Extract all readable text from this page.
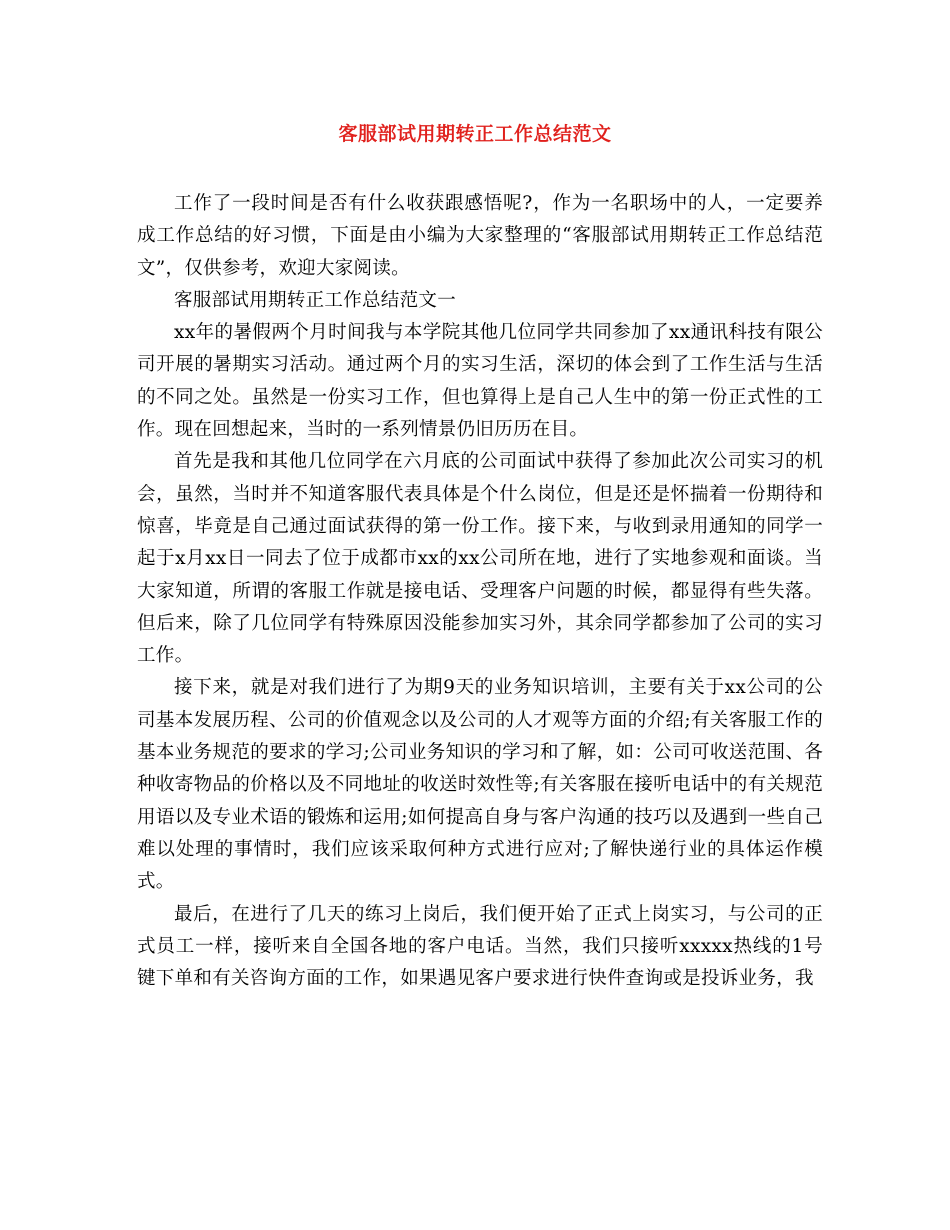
客服部试用期转正工作总结范文

工作了一段时间是否有什么收获跟感悟呢?，作为一名职场中的人，一定要养成工作总结的好习惯，下面是由小编为大家整理的“客服部试用期转正工作总结范文”，仅供参考，欢迎大家阅读。

客服部试用期转正工作总结范文一

xx年的暑假两个月时间我与本学院其他几位同学共同参加了xx通讯科技有限公司开展的暑期实习活动。通过两个月的实习生活，深切的体会到了工作生活与生活的不同之处。虽然是一份实习工作，但也算得上是自己人生中的第一份正式性的工作。现在回想起来，当时的一系列情景仍旧历历在目。

首先是我和其他几位同学在六月底的公司面试中获得了参加此次公司实习的机会，虽然，当时并不知道客服代表具体是个什么岗位，但是还是怀揣着一份期待和惊喜，毕竟是自己通过面试获得的第一份工作。接下来，与收到录用通知的同学一起于x月xx日一同去了位于成都市xx的xx公司所在地，进行了实地参观和面谈。当大家知道，所谓的客服工作就是接电话、受理客户问题的时候，都显得有些失落。但后来，除了几位同学有特殊原因没能参加实习外，其余同学都参加了公司的实习工作。

接下来，就是对我们进行了为期9天的业务知识培训，主要有关于xx公司的公司基本发展历程、公司的价值观念以及公司的人才观等方面的介绍;有关客服工作的基本业务规范的要求的学习;公司业务知识的学习和了解，如：公司可收送范围、各种收寄物品的价格以及不同地址的收送时效性等;有关客服在接听电话中的有关规范用语以及专业术语的锻炼和运用;如何提高自身与客户沟通的技巧以及遇到一些自己难以处理的事情时，我们应该采取何种方式进行应对;了解快递行业的具体运作模式。

最后，在进行了几天的练习上岗后，我们便开始了正式上岗实习，与公司的正式员工一样，接听来自全国各地的客户电话。当然，我们只接听xxxxx热线的1号键下单和有关咨询方面的工作，如果遇见客户要求进行快件查询或是投诉业务，我
